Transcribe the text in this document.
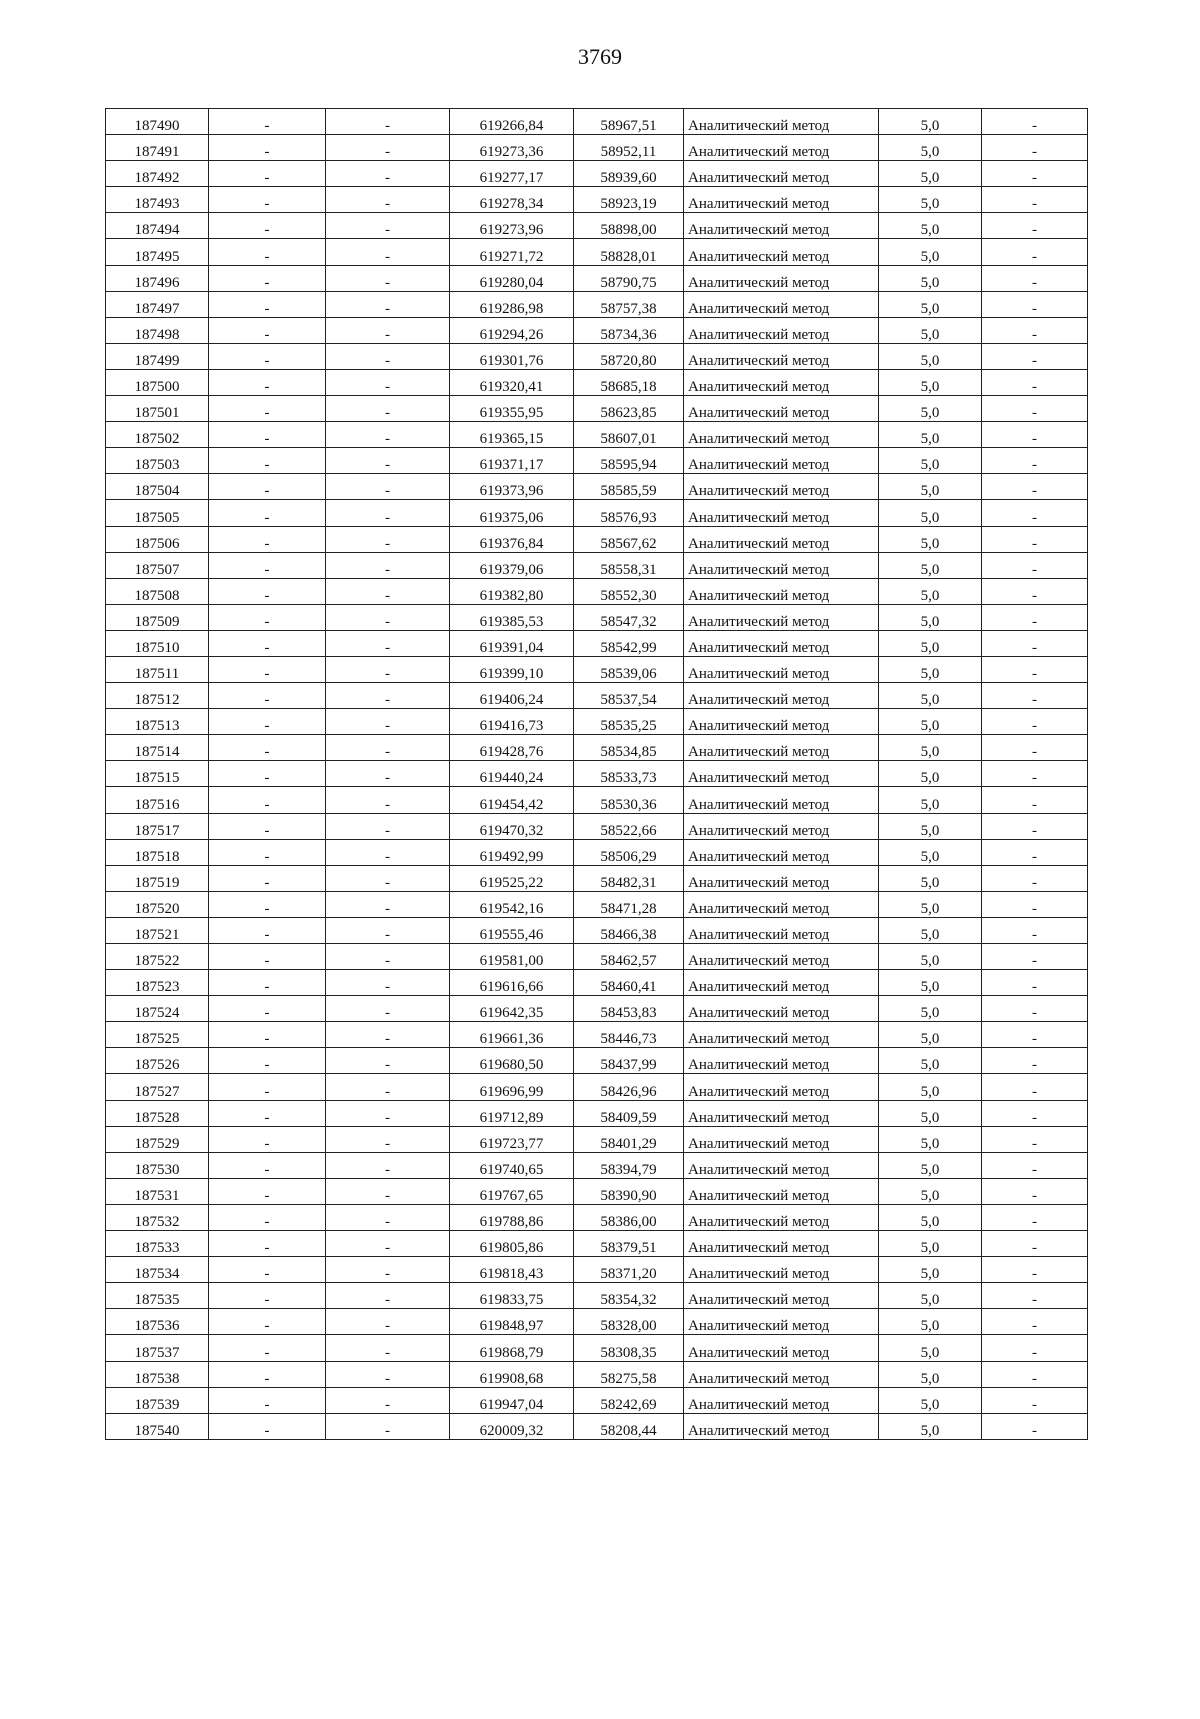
3769
187490	-	-	619266,84	58967,51	Аналитический метод	5,0	-
187491	-	-	619273,36	58952,11	Аналитический метод	5,0	-
187492	-	-	619277,17	58939,60	Аналитический метод	5,0	-
187493	-	-	619278,34	58923,19	Аналитический метод	5,0	-
187494	-	-	619273,96	58898,00	Аналитический метод	5,0	-
187495	-	-	619271,72	58828,01	Аналитический метод	5,0	-
187496	-	-	619280,04	58790,75	Аналитический метод	5,0	-
187497	-	-	619286,98	58757,38	Аналитический метод	5,0	-
187498	-	-	619294,26	58734,36	Аналитический метод	5,0	-
187499	-	-	619301,76	58720,80	Аналитический метод	5,0	-
187500	-	-	619320,41	58685,18	Аналитический метод	5,0	-
187501	-	-	619355,95	58623,85	Аналитический метод	5,0	-
187502	-	-	619365,15	58607,01	Аналитический метод	5,0	-
187503	-	-	619371,17	58595,94	Аналитический метод	5,0	-
187504	-	-	619373,96	58585,59	Аналитический метод	5,0	-
187505	-	-	619375,06	58576,93	Аналитический метод	5,0	-
187506	-	-	619376,84	58567,62	Аналитический метод	5,0	-
187507	-	-	619379,06	58558,31	Аналитический метод	5,0	-
187508	-	-	619382,80	58552,30	Аналитический метод	5,0	-
187509	-	-	619385,53	58547,32	Аналитический метод	5,0	-
187510	-	-	619391,04	58542,99	Аналитический метод	5,0	-
187511	-	-	619399,10	58539,06	Аналитический метод	5,0	-
187512	-	-	619406,24	58537,54	Аналитический метод	5,0	-
187513	-	-	619416,73	58535,25	Аналитический метод	5,0	-
187514	-	-	619428,76	58534,85	Аналитический метод	5,0	-
187515	-	-	619440,24	58533,73	Аналитический метод	5,0	-
187516	-	-	619454,42	58530,36	Аналитический метод	5,0	-
187517	-	-	619470,32	58522,66	Аналитический метод	5,0	-
187518	-	-	619492,99	58506,29	Аналитический метод	5,0	-
187519	-	-	619525,22	58482,31	Аналитический метод	5,0	-
187520	-	-	619542,16	58471,28	Аналитический метод	5,0	-
187521	-	-	619555,46	58466,38	Аналитический метод	5,0	-
187522	-	-	619581,00	58462,57	Аналитический метод	5,0	-
187523	-	-	619616,66	58460,41	Аналитический метод	5,0	-
187524	-	-	619642,35	58453,83	Аналитический метод	5,0	-
187525	-	-	619661,36	58446,73	Аналитический метод	5,0	-
187526	-	-	619680,50	58437,99	Аналитический метод	5,0	-
187527	-	-	619696,99	58426,96	Аналитический метод	5,0	-
187528	-	-	619712,89	58409,59	Аналитический метод	5,0	-
187529	-	-	619723,77	58401,29	Аналитический метод	5,0	-
187530	-	-	619740,65	58394,79	Аналитический метод	5,0	-
187531	-	-	619767,65	58390,90	Аналитический метод	5,0	-
187532	-	-	619788,86	58386,00	Аналитический метод	5,0	-
187533	-	-	619805,86	58379,51	Аналитический метод	5,0	-
187534	-	-	619818,43	58371,20	Аналитический метод	5,0	-
187535	-	-	619833,75	58354,32	Аналитический метод	5,0	-
187536	-	-	619848,97	58328,00	Аналитический метод	5,0	-
187537	-	-	619868,79	58308,35	Аналитический метод	5,0	-
187538	-	-	619908,68	58275,58	Аналитический метод	5,0	-
187539	-	-	619947,04	58242,69	Аналитический метод	5,0	-
187540	-	-	620009,32	58208,44	Аналитический метод	5,0	-
